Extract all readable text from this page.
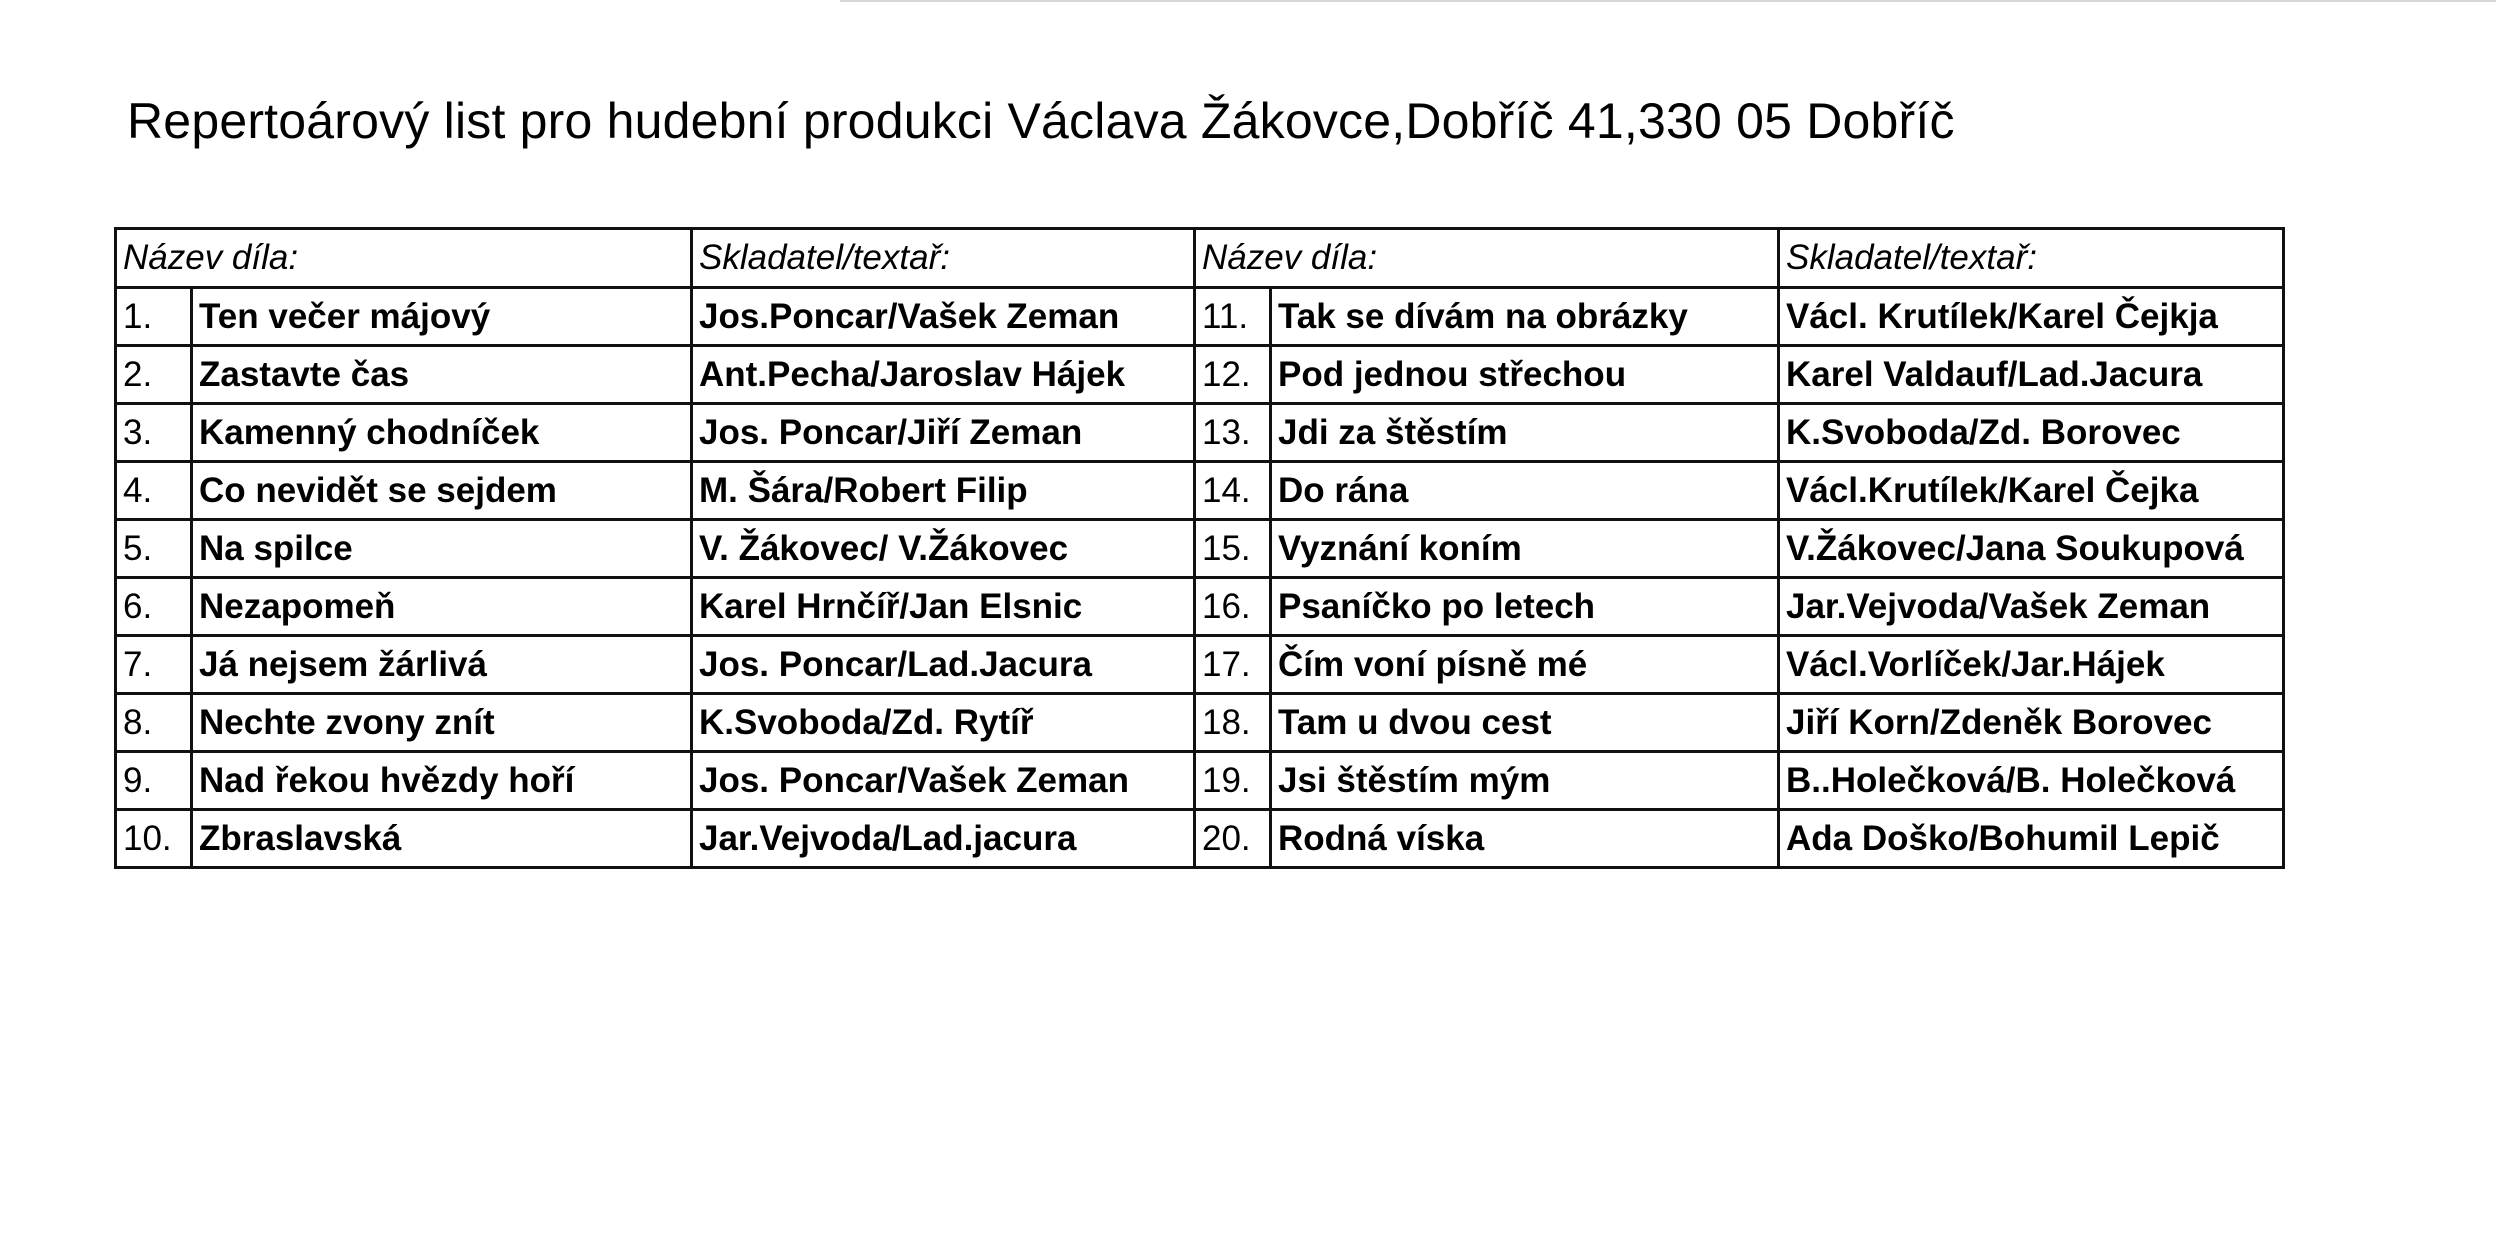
Repertoárový list pro hudební produkci Václava Žákovce,Dobříč 41,330 05 Dobříč
Název díla:		Skladatel/textař:	Název díla:		Skladatel/textař:
1.	Ten večer májový	Jos.Poncar/Vašek Zeman	11.	Tak se dívám na obrázky	Václ. Krutílek/Karel Čejkja
2.	Zastavte čas	Ant.Pecha/Jaroslav Hájek	12.	Pod jednou střechou	Karel Valdauf/Lad.Jacura
3.	Kamenný chodníček	Jos. Poncar/Jiří Zeman	13.	Jdi za štěstím	K.Svoboda/Zd. Borovec
4.	Co nevidět se sejdem	M. Šára/Robert Filip	14.	Do rána	Václ.Krutílek/Karel Čejka
5.	Na spilce	V. Žákovec/ V.Žákovec	15.	Vyznání koním	V.Žákovec/Jana Soukupová
6.	Nezapomeň	Karel Hrnčíř/Jan Elsnic	16.	Psaníčko po letech	Jar.Vejvoda/Vašek Zeman
7.	Já nejsem žárlivá	Jos. Poncar/Lad.Jacura	17.	Čím voní písně mé	Václ.Vorlíček/Jar.Hájek
8.	Nechte zvony znít	K.Svoboda/Zd. Rytíř	18.	Tam u dvou cest	Jiří Korn/Zdeněk Borovec
9.	Nad řekou hvězdy hoří	Jos. Poncar/Vašek Zeman	19.	Jsi štěstím mým	B..Holečková/B. Holečková
10.	Zbraslavská	Jar.Vejvoda/Lad.jacura	20.	Rodná víska	Ada Doško/Bohumil Lepič
